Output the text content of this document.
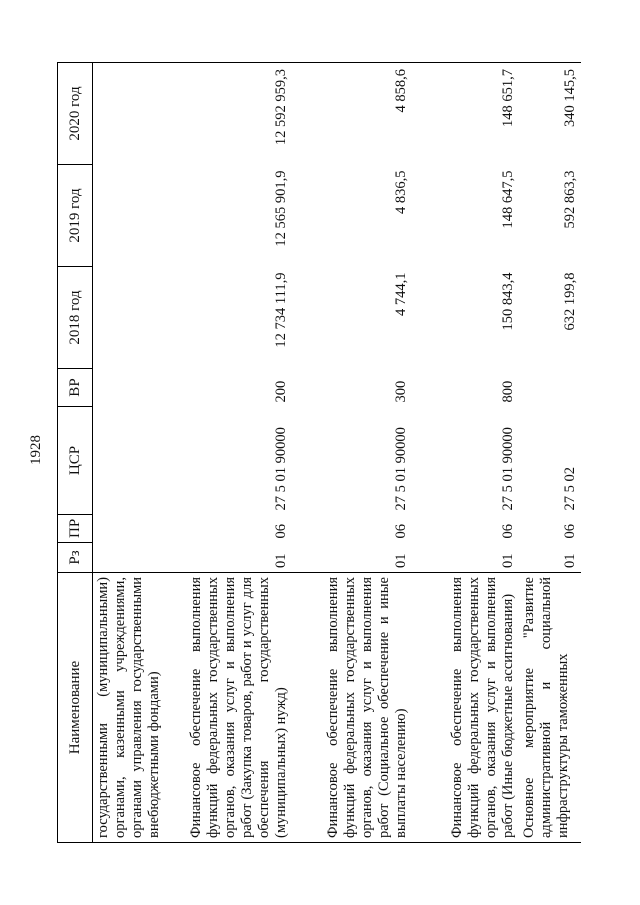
1928
Наименование	Рз	ПР	ЦСР	ВР	2018 год	2019 год	2020 год
государственными (муниципальными) органами, казенными учреждениями, органами управления государственными внебюджетными фондами)							
Финансовое обеспечение выполнения функций федеральных государственных органов, оказания услуг и выполнения работ (Закупка товаров, работ и услуг для обеспечения государственных (муниципальных) нужд)	01	06	27 5 01 90000	200	12 734 111,9	12 565 901,9	12 592 959,3
Финансовое обеспечение выполнения функций федеральных государственных органов, оказания услуг и выполнения работ (Социальное обеспечение и иные выплаты населению)	01	06	27 5 01 90000	300	4 744,1	4 836,5	4 858,6
Финансовое обеспечение выполнения функций федеральных государственных органов, оказания услуг и выполнения работ (Иные бюджетные ассигнования)	01	06	27 5 01 90000	800	150 843,4	148 647,5	148 651,7
Основное мероприятие "Развитие административной и социальной инфраструктуры таможенных	01	06	27 5 02		632 199,8	592 863,3	340 145,5
